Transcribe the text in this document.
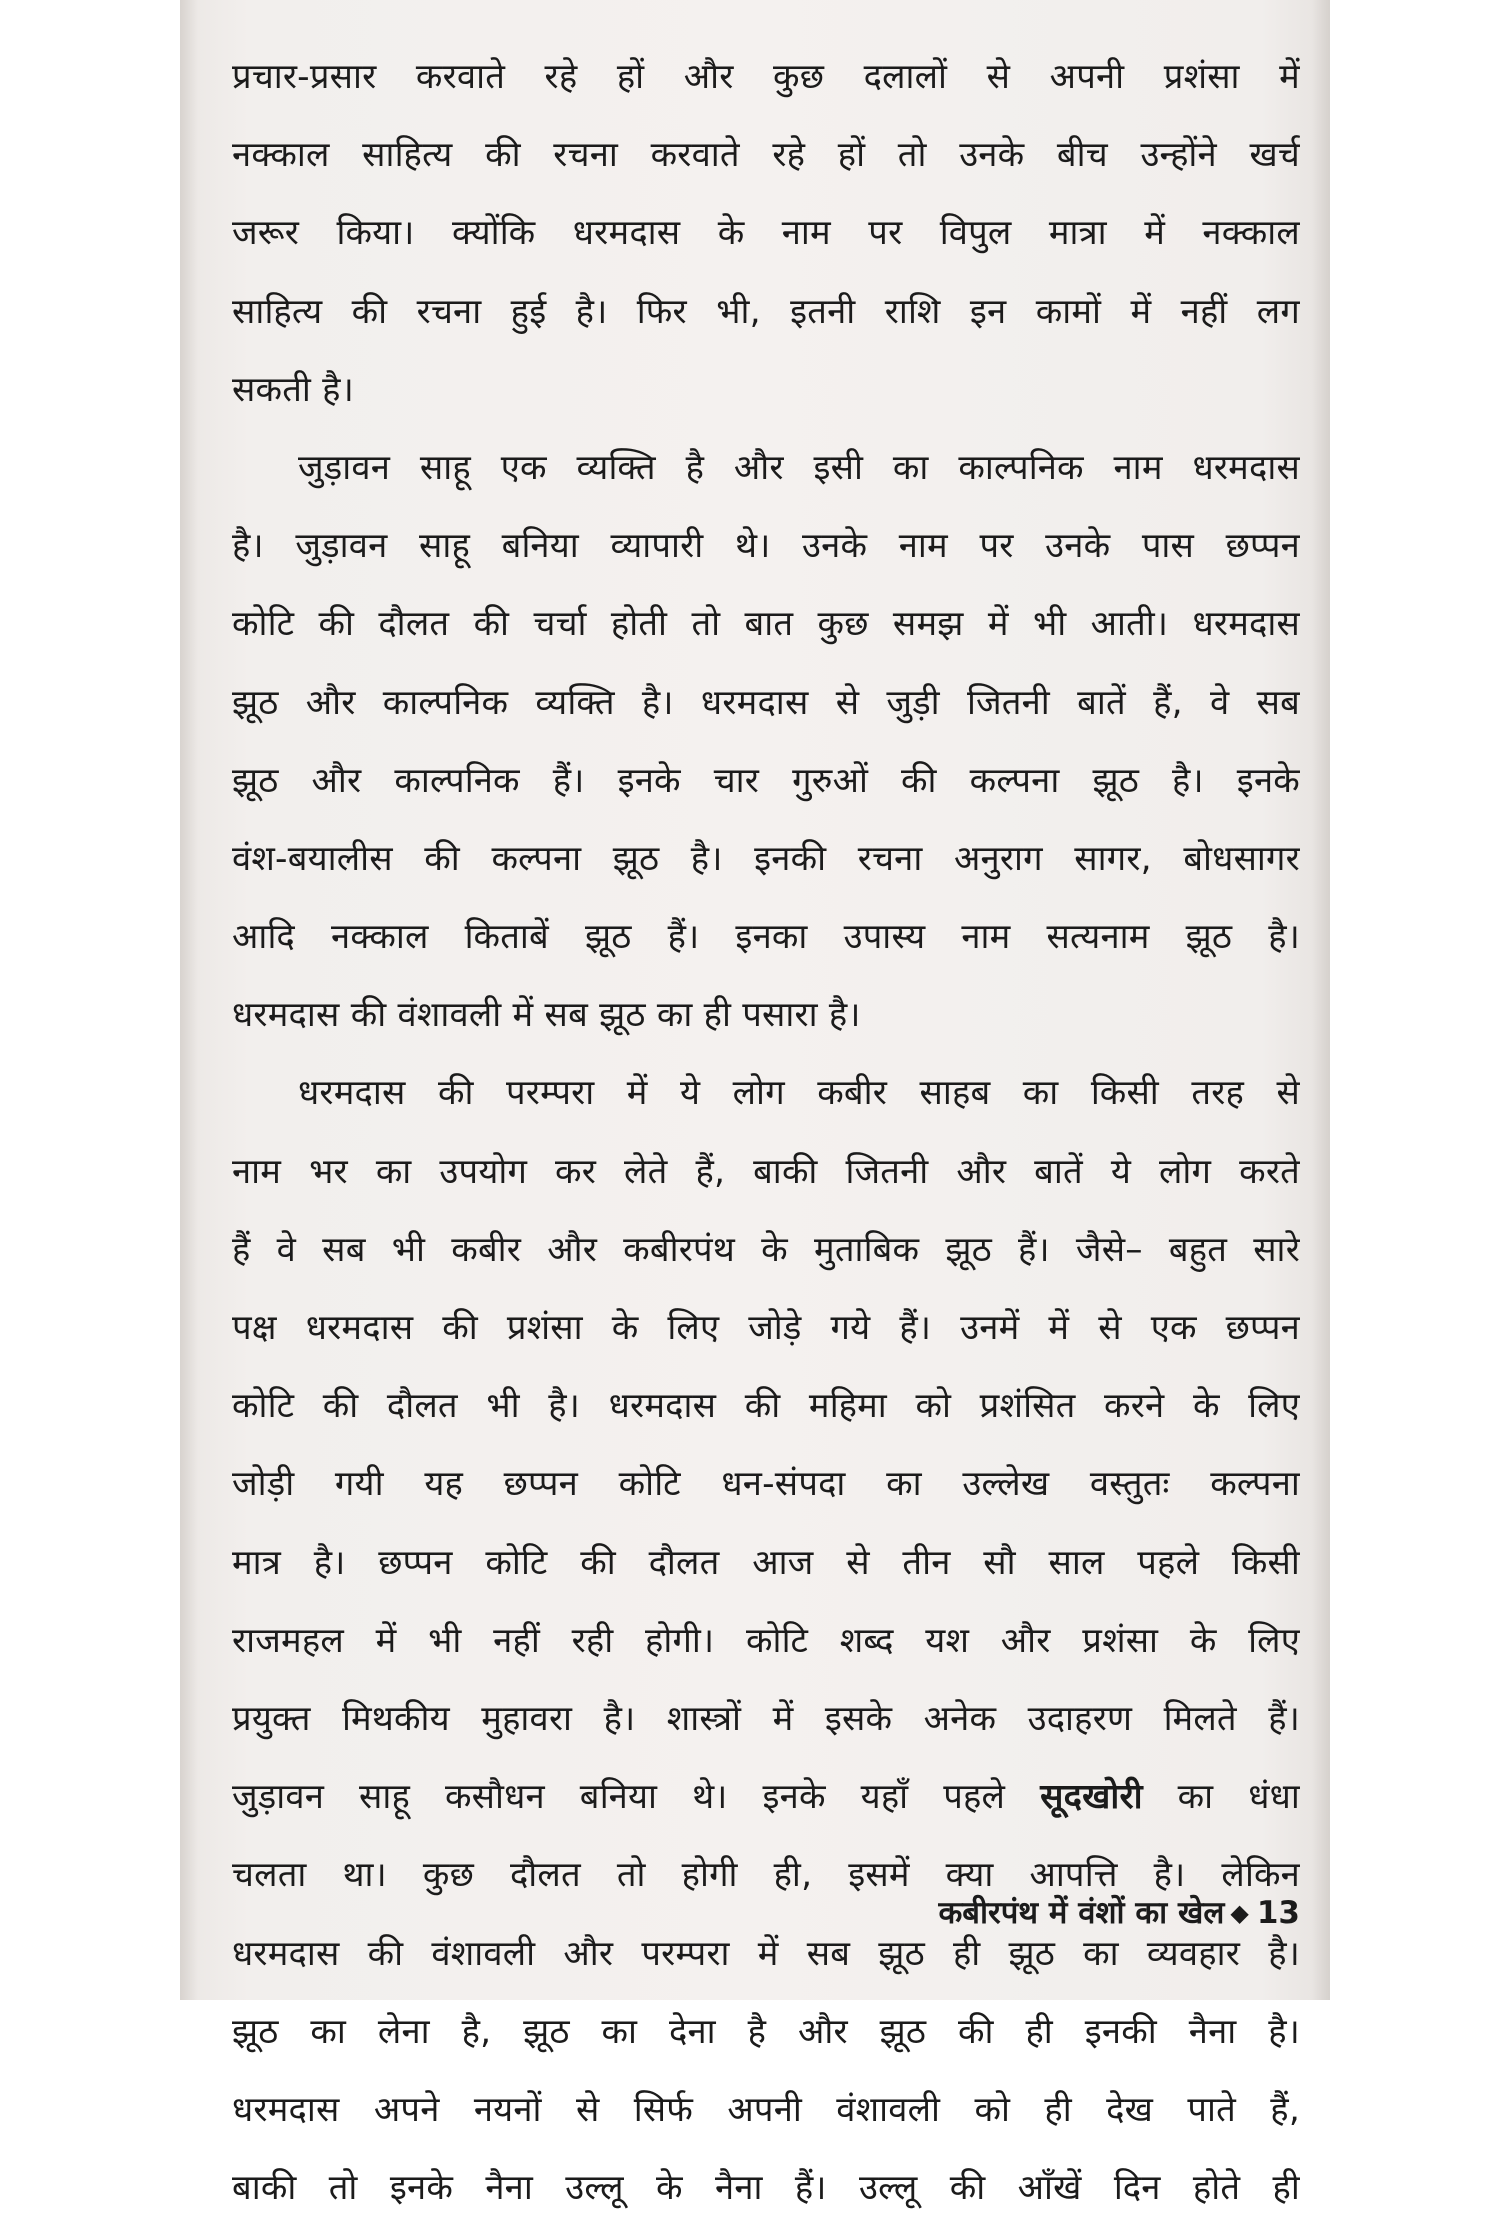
प्रचार-प्रसार करवाते रहे हों और कुछ दलालों से अपनी प्रशंसा में
नक्काल साहित्य की रचना करवाते रहे हों तो उनके बीच उन्होंने खर्च
जरूर किया। क्योंकि धरमदास के नाम पर विपुल मात्रा में नक्काल
साहित्य की रचना हुई है। फिर भी, इतनी राशि इन कामों में नहीं लग
सकती है।
जुड़ावन साहू एक व्यक्ति है और इसी का काल्पनिक नाम धरमदास
है। जुड़ावन साहू बनिया व्यापारी थे। उनके नाम पर उनके पास छप्पन
कोटि की दौलत की चर्चा होती तो बात कुछ समझ में भी आती। धरमदास
झूठ और काल्पनिक व्यक्ति है। धरमदास से जुड़ी जितनी बातें हैं, वे सब
झूठ और काल्पनिक हैं। इनके चार गुरुओं की कल्पना झूठ है। इनके
वंश-बयालीस की कल्पना झूठ है। इनकी रचना अनुराग सागर, बोधसागर
आदि नक्काल किताबें झूठ हैं। इनका उपास्य नाम सत्यनाम झूठ है।
धरमदास की वंशावली में सब झूठ का ही पसारा है।
धरमदास की परम्परा में ये लोग कबीर साहब का किसी तरह से
नाम भर का उपयोग कर लेते हैं, बाकी जितनी और बातें ये लोग करते
हैं वे सब भी कबीर और कबीरपंथ के मुताबिक झूठ हैं। जैसे– बहुत सारे
पक्ष धरमदास की प्रशंसा के लिए जोड़े गये हैं। उनमें में से एक छप्पन
कोटि की दौलत भी है। धरमदास की महिमा को प्रशंसित करने के लिए
जोड़ी गयी यह छप्पन कोटि धन-संपदा का उल्लेख वस्तुतः कल्पना
मात्र है। छप्पन कोटि की दौलत आज से तीन सौ साल पहले किसी
राजमहल में भी नहीं रही होगी। कोटि शब्द यश और प्रशंसा के लिए
प्रयुक्त मिथकीय मुहावरा है। शास्त्रों में इसके अनेक उदाहरण मिलते हैं।
जुड़ावन साहू कसौधन बनिया थे। इनके यहाँ पहले सूदखोरी का धंधा
चलता था। कुछ दौलत तो होगी ही, इसमें क्या आपत्ति है। लेकिन
धरमदास की वंशावली और परम्परा में सब झूठ ही झूठ का व्यवहार है।
झूठ का लेना है, झूठ का देना है और झूठ की ही इनकी नैना है।
धरमदास अपने नयनों से सिर्फ अपनी वंशावली को ही देख पाते हैं,
बाकी तो इनके नैना उल्लू के नैना हैं। उल्लू की आँखें दिन होते ही
कबीरपंथ में वंशों का खेल ◆ 13
